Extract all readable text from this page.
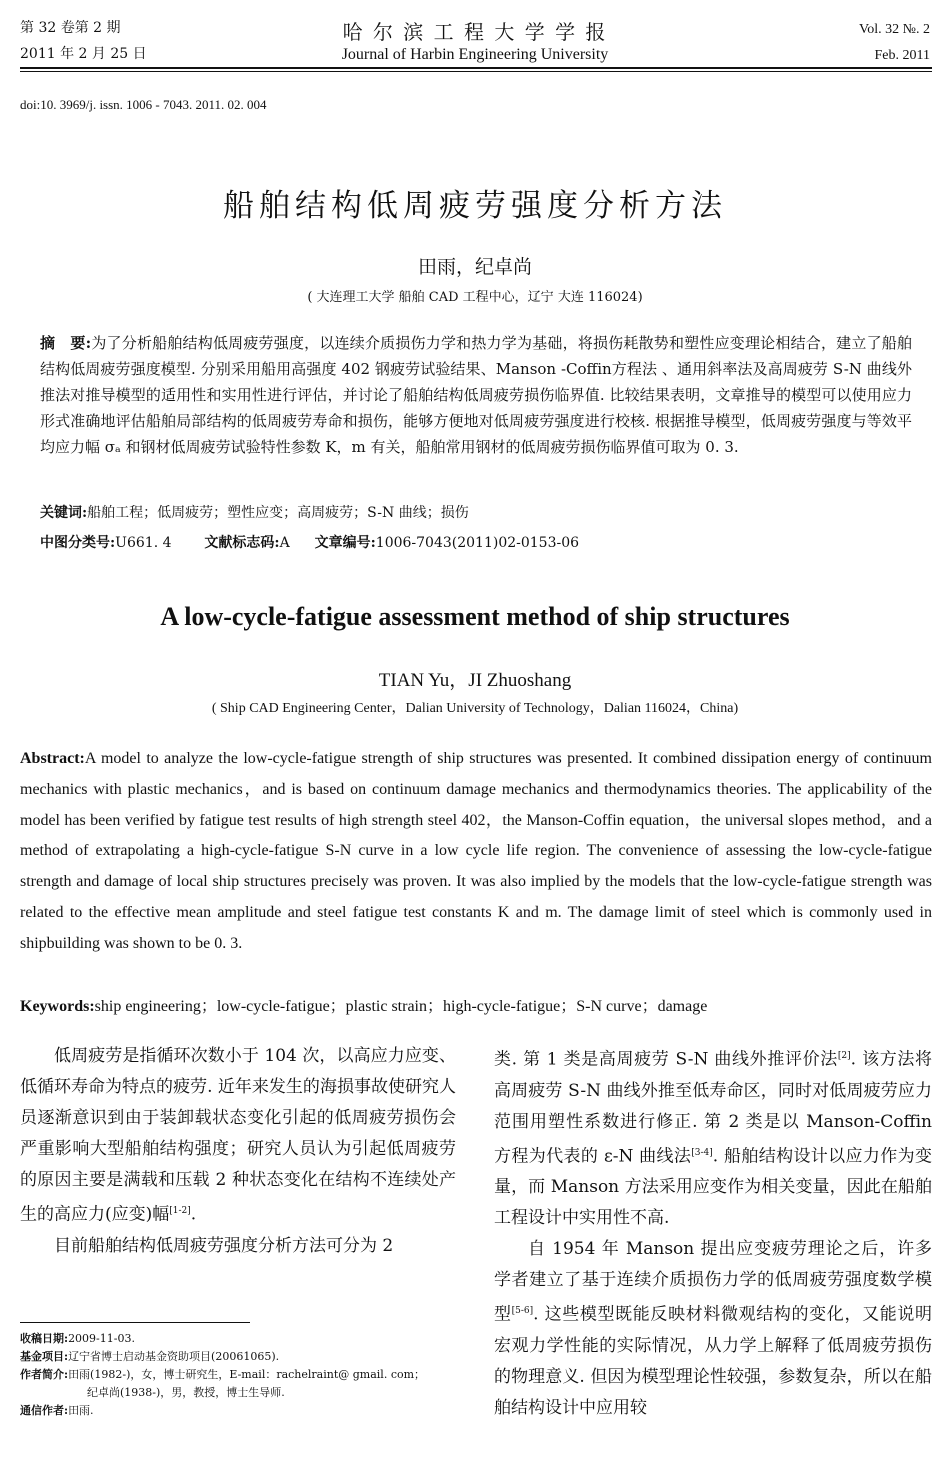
第 32 卷第 2 期
2011 年 2 月 25 日
哈 尔 滨 工 程 大 学 学 报
Journal of Harbin Engineering University
Vol. 32 №. 2
Feb. 2011
doi:10. 3969/j. issn. 1006 - 7043. 2011. 02. 004
船舶结构低周疲劳强度分析方法
田雨，纪卓尚
( 大连理工大学 船舶 CAD 工程中心，辽宁 大连 116024)
摘　要:为了分析船舶结构低周疲劳强度，以连续介质损伤力学和热力学为基础，将损伤耗散势和塑性应变理论相结合，建立了船舶结构低周疲劳强度模型. 分别采用船用高强度 402 钢疲劳试验结果、Manson -Coffin方程法 、通用斜率法及高周疲劳 S-N 曲线外推法对推导模型的适用性和实用性进行评估，并讨论了船舶结构低周疲劳损伤临界值. 比较结果表明，文章推导的模型可以使用应力形式准确地评估船舶局部结构的低周疲劳寿命和损伤，能够方便地对低周疲劳强度进行校核. 根据推导模型，低周疲劳强度与等效平均应力幅 σₐ 和钢材低周疲劳试验特性参数 K，m 有关，船舶常用钢材的低周疲劳损伤临界值可取为 0. 3.
关键词:船舶工程；低周疲劳；塑性应变；高周疲劳；S-N 曲线；损伤
中图分类号:U661. 4 文献标志码:A 文章编号:1006-7043(2011)02-0153-06
A low-cycle-fatigue assessment method of ship structures
TIAN Yu，JI Zhuoshang
( Ship CAD Engineering Center，Dalian University of Technology，Dalian 116024，China)
Abstract:A model to analyze the low-cycle-fatigue strength of ship structures was presented. It combined dissipation energy of continuum mechanics with plastic mechanics，and is based on continuum damage mechanics and thermodynamics theories. The applicability of the model has been verified by fatigue test results of high strength steel 402，the Manson-Coffin equation，the universal slopes method，and a method of extrapolating a high-cycle-fatigue S-N curve in a low cycle life region. The convenience of assessing the low-cycle-fatigue strength and damage of local ship structures precisely was proven. It was also implied by the models that the low-cycle-fatigue strength was related to the effective mean amplitude and steel fatigue test constants K and m. The damage limit of steel which is commonly used in shipbuilding was shown to be 0. 3.
Keywords:ship engineering；low-cycle-fatigue；plastic strain；high-cycle-fatigue；S-N curve；damage

低周疲劳是指循环次数小于 104 次，以高应力应变、低循环寿命为特点的疲劳. 近年来发生的海损事故使研究人员逐渐意识到由于装卸载状态变化引起的低周疲劳损伤会严重影响大型船舶结构强度；研究人员认为引起低周疲劳的原因主要是满载和压载 2 种状态变化在结构不连续处产生的高应力(应变)幅[1-2].

目前船舶结构低周疲劳强度分析方法可分为 2

类. 第 1 类是高周疲劳 S-N 曲线外推评价法[2]. 该方法将高周疲劳 S-N 曲线外推至低寿命区，同时对低周疲劳应力范围用塑性系数进行修正. 第 2 类是以 Manson-Coffin 方程为代表的 ε-N 曲线法[3-4]. 船舶结构设计以应力作为变量，而 Manson 方法采用应变作为相关变量，因此在船舶工程设计中实用性不高.

自 1954 年 Manson 提出应变疲劳理论之后，许多学者建立了基于连续介质损伤力学的低周疲劳强度数学模型[5-6]. 这些模型既能反映材料微观结构的变化，又能说明宏观力学性能的实际情况，从力学上解释了低周疲劳损伤的物理意义. 但因为模型理论性较强，参数复杂，所以在船舶结构设计中应用较

收稿日期:2009-11-03.
基金项目:辽宁省博士启动基金资助项目(20061065).
作者简介:田雨(1982-)，女，博士研究生，E-mail：rachelraint@ gmail. com；
纪卓尚(1938-)，男，教授，博士生导师.
通信作者:田雨.
